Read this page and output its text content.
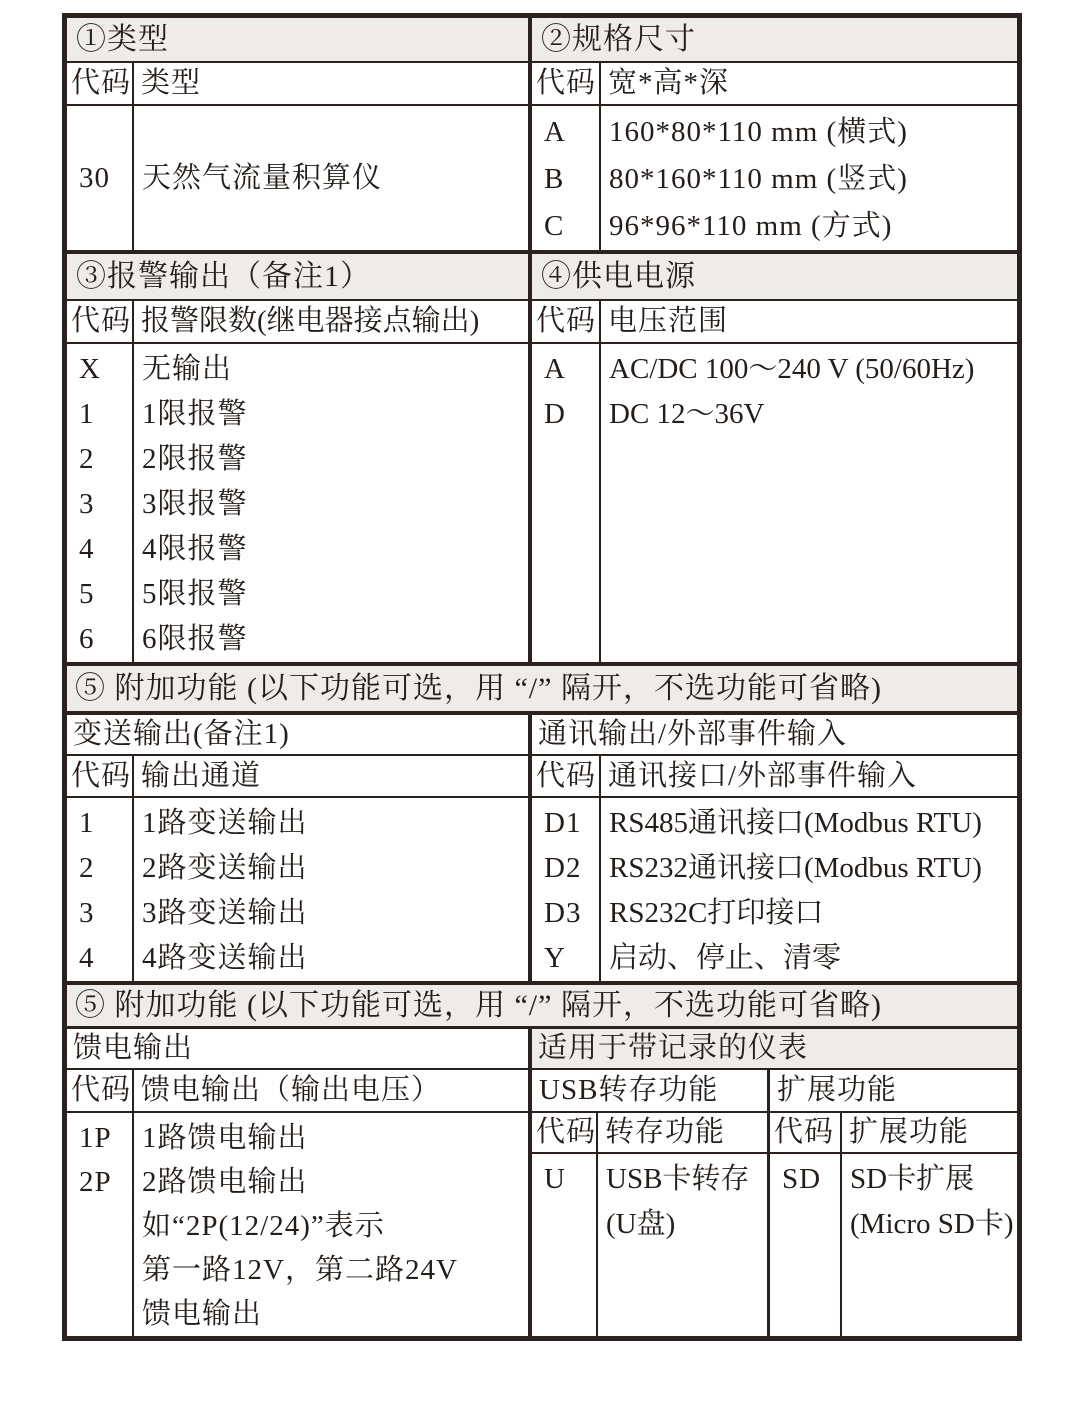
①类型
代码 类型
30 天然气流量积算仪
②规格尺寸
代码 宽*高*深
A
B
C
160*80*110 mm (横式)
80*160*110 mm (竖式)
96*96*110 mm (方式)
③报警输出（备注1）
代码 报警限数(继电器接点输出)
X
1
2
3
4
5
6
无输出
1限报警
2限报警
3限报警
4限报警
5限报警
6限报警
④供电电源
代码 电压范围
A
D
AC/DC 100～240 V (50/60Hz)
DC 12～36V
⑤ 附加功能 (以下功能可选，用 “/” 隔开，不选功能可省略)
变送输出(备注1)
代码 输出通道
1
2
3
4
1路变送输出
2路变送输出
3路变送输出
4路变送输出
通讯输出/外部事件输入
代码 通讯接口/外部事件输入
D1
D2
D3
Y
RS485通讯接口(Modbus RTU)
RS232通讯接口(Modbus RTU)
RS232C打印接口
启动、停止、清零
⑤ 附加功能 (以下功能可选，用 “/” 隔开，不选功能可省略)
馈电输出
代码 馈电输出（输出电压）
1P
2P
1路馈电输出
2路馈电输出
如“2P(12/24)”表示
第一路12V，第二路24V
馈电输出
适用于带记录的仪表
USB转存功能
代码 转存功能
U	USB卡转存
(U盘)
扩展功能
代码 扩展功能
SD SD卡扩展
(Micro SD卡)
